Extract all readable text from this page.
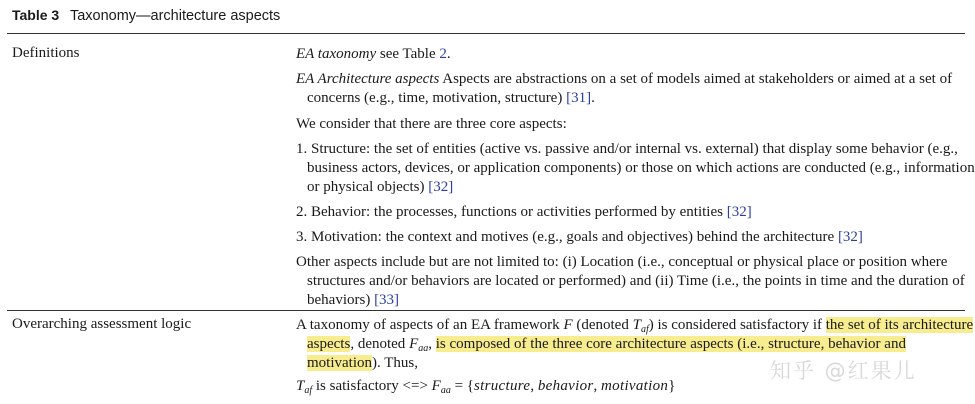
Table 3 Taxonomy—architecture aspects
Definitions	EA taxonomy see Table 2.
EA Architecture aspects Aspects are abstractions on a set of models aimed at stakeholders or aimed at a set of concerns (e.g., time, motivation, structure) [31].
We consider that there are three core aspects:
1. Structure: the set of entities (active vs. passive and/or internal vs. external) that display some behavior (e.g., business actors, devices, or application components) or those on which actions are conducted (e.g., information or physical objects) [32]
2. Behavior: the processes, functions or activities performed by entities [32]
3. Motivation: the context and motives (e.g., goals and objectives) behind the architecture [32]
Other aspects include but are not limited to: (i) Location (i.e., conceptual or physical place or position where structures and/or behaviors are located or performed) and (ii) Time (i.e., the points in time and the duration of behaviors) [33]
Overarching assessment logic	A taxonomy of aspects of an EA framework F (denoted $T_{af}$) is considered satisfactory if the set of its architecture aspects, denoted $F_{aa}$, is composed of the three core architecture aspects (i.e., structure, behavior and motivation). Thus,
$T_{af}$ is satisfactory <=> $F_{aa}$ = {structure, behavior, motivation}
知乎 @红果儿
